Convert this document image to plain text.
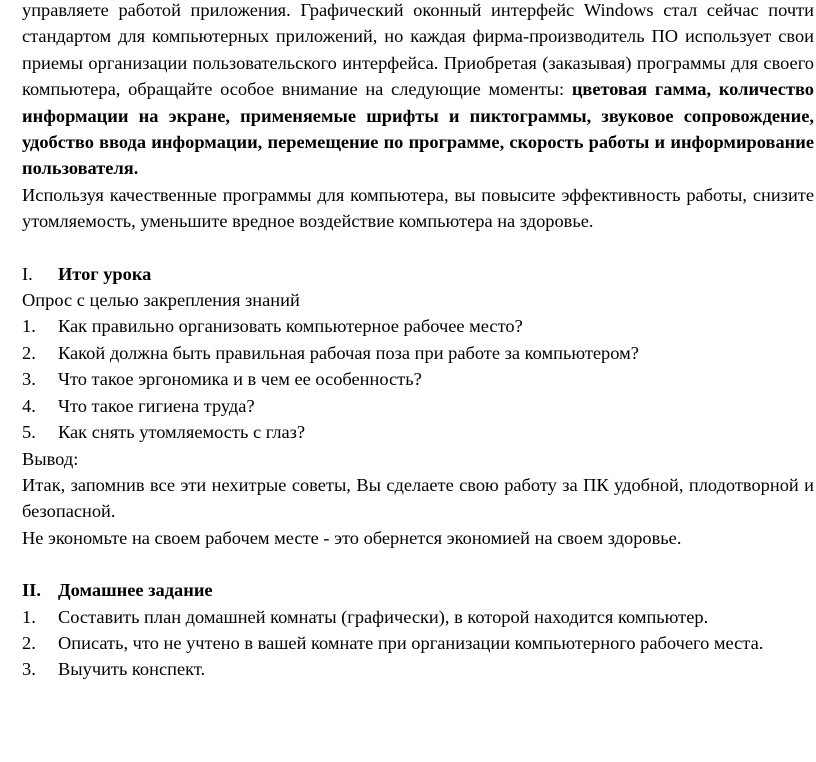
управляете работой приложения. Графический оконный интерфейс Windows стал сейчас почти стандартом для компьютерных приложений, но каждая фирма-производитель ПО использует свои приемы организации пользовательского интерфейса. Приобретая (заказывая) программы для своего компьютера, обращайте особое внимание на следующие моменты: цветовая гамма, количество информации на экране, применяемые шрифты и пиктограммы, звуковое сопровождение, удобство ввода информации, перемещение по программе, скорость работы и информирование пользователя.

Используя качественные программы для компьютера, вы повысите эффективность работы, снизите утомляемость, уменьшите вредное воздействие компьютера на здоровье.

I. Итог урока

Опрос с целью закрепления знаний

1. Как правильно организовать компьютерное рабочее место?

2. Какой должна быть правильная рабочая поза при работе за компьютером?

3. Что такое эргономика и в чем ее особенность?

4. Что такое гигиена труда?

5. Как снять утомляемость с глаз?

Вывод:

Итак, запомнив все эти нехитрые советы, Вы сделаете свою работу за ПК удобной, плодотворной и безопасной.

Не экономьте на своем рабочем месте - это обернется экономией на своем здоровье.

II. Домашнее задание

1. Составить план домашней комнаты (графически), в которой находится компьютер.

2. Описать, что не учтено в вашей комнате при организации компьютерного рабочего места.

3. Выучить конспект.
